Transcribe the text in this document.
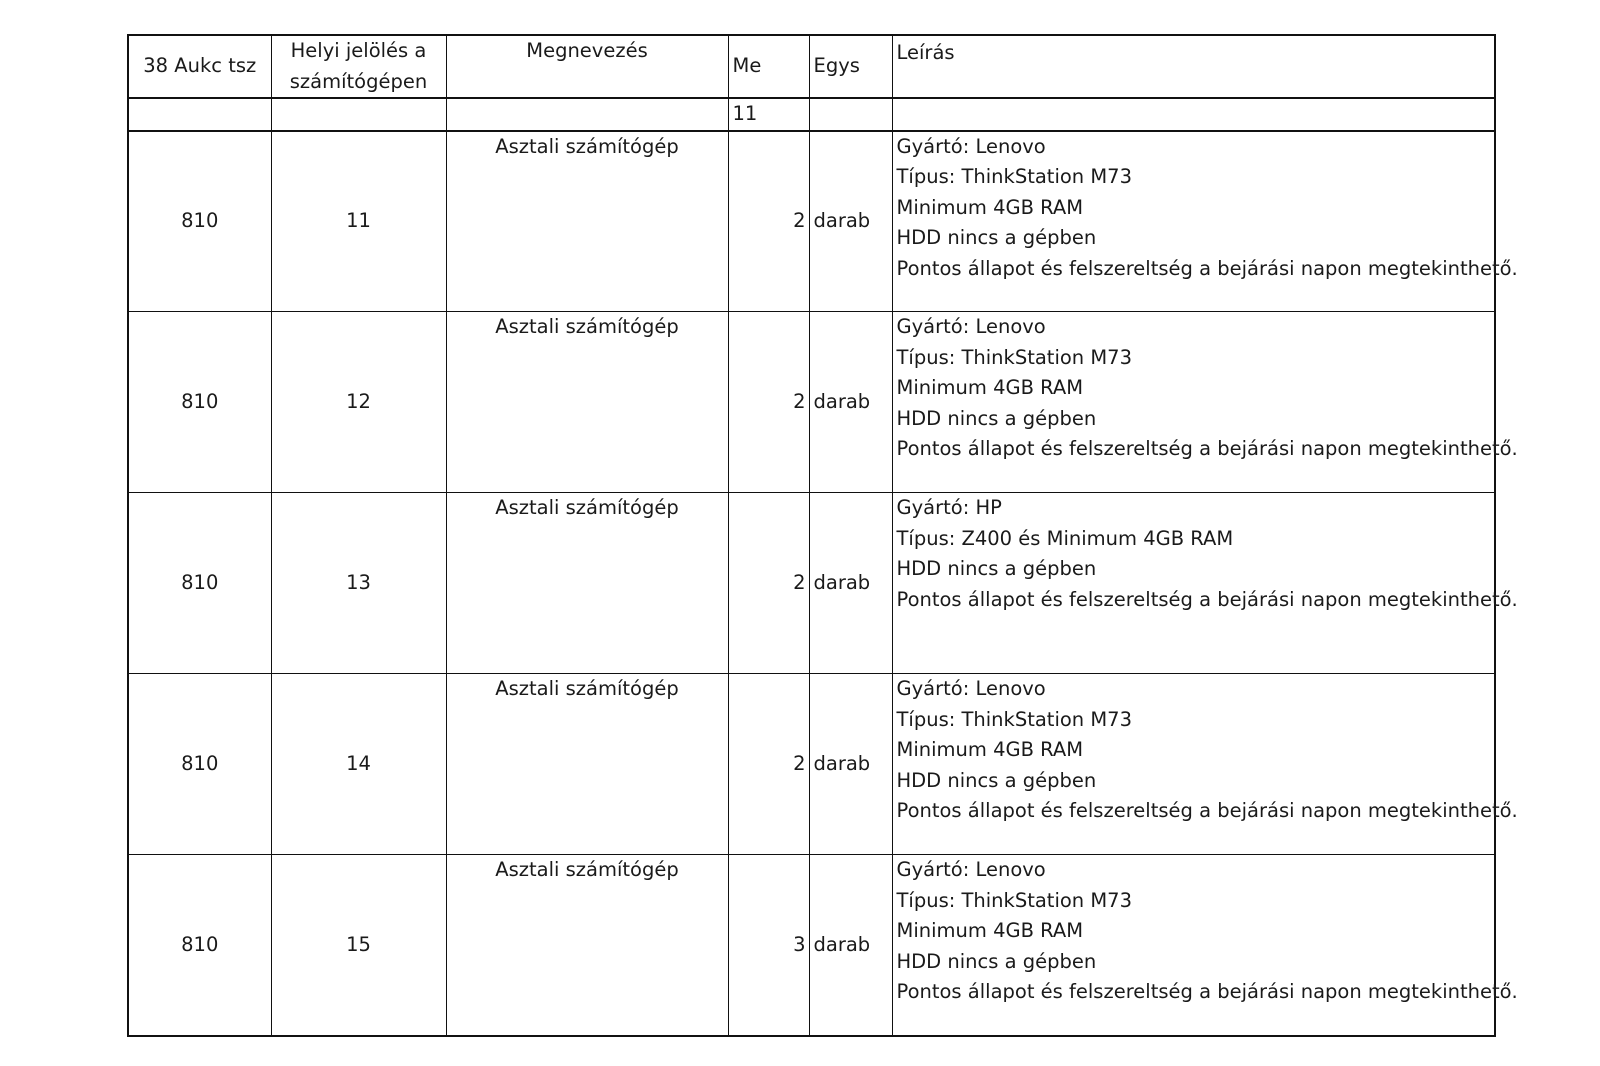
38 Aukc tsz	Helyi jelölés a
számítógépen	Megnevezés	Me	Egys	Leírás
			11		
810	11	Asztali számítógép	2	darab	Gyártó: Lenovo
Típus: ThinkStation M73
Minimum 4GB RAM
HDD nincs a gépben
Pontos állapot és felszereltség a bejárási napon megtekinthető.

810	12	Asztali számítógép	2	darab	Gyártó: Lenovo
Típus: ThinkStation M73
Minimum 4GB RAM
HDD nincs a gépben
Pontos állapot és felszereltség a bejárási napon megtekinthető.

810	13	Asztali számítógép	2	darab	Gyártó: HP
Típus: Z400 és Minimum 4GB RAM
HDD nincs a gépben
Pontos állapot és felszereltség a bejárási napon megtekinthető.

810	14	Asztali számítógép	2	darab	Gyártó: Lenovo
Típus: ThinkStation M73
Minimum 4GB RAM
HDD nincs a gépben
Pontos állapot és felszereltség a bejárási napon megtekinthető.

810	15	Asztali számítógép	3	darab	Gyártó: Lenovo
Típus: ThinkStation M73
Minimum 4GB RAM
HDD nincs a gépben
Pontos állapot és felszereltség a bejárási napon megtekinthető.
